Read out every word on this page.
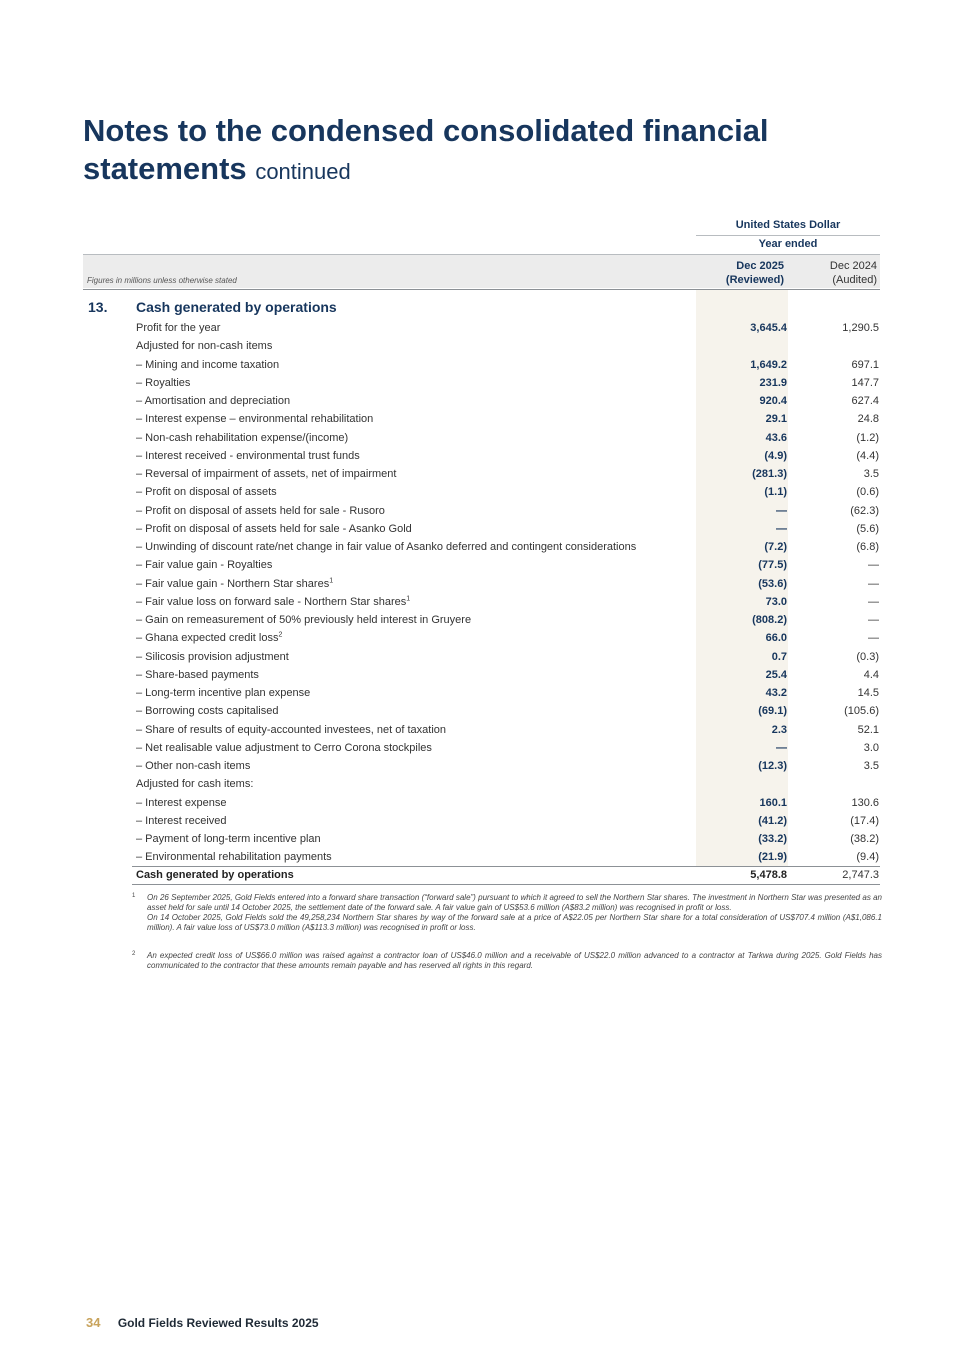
Notes to the condensed consolidated financial statements continued
United States Dollar
Year ended
Figures in millions unless otherwise stated
Dec 2025
(Reviewed)
Dec 2024
(Audited)
13. Cash generated by operations
Profit for the year	3,645.4	1,290.5
Adjusted for non-cash items
– Mining and income taxation	1,649.2	697.1
– Royalties	231.9	147.7
– Amortisation and depreciation	920.4	627.4
– Interest expense – environmental rehabilitation	29.1	24.8
– Non-cash rehabilitation expense/(income)	43.6	(1.2)
– Interest received - environmental trust funds	(4.9)	(4.4)
– Reversal of impairment of assets, net of impairment	(281.3)	3.5
– Profit on disposal of assets	(1.1)	(0.6)
– Profit on disposal of assets held for sale - Rusoro	—	(62.3)
– Profit on disposal of assets held for sale - Asanko Gold	—	(5.6)
– Unwinding of discount rate/net change in fair value of Asanko deferred and contingent considerations	(7.2)	(6.8)
– Fair value gain - Royalties	(77.5)	—
– Fair value gain - Northern Star shares$^1$	(53.6)	—
– Fair value loss on forward sale - Northern Star shares$^1$	73.0	—
– Gain on remeasurement of 50% previously held interest in Gruyere	(808.2)	—
– Ghana expected credit loss$^2$	66.0	—
– Silicosis provision adjustment	0.7	(0.3)
– Share-based payments	25.4	4.4
– Long-term incentive plan expense	43.2	14.5
– Borrowing costs capitalised	(69.1)	(105.6)
– Share of results of equity-accounted investees, net of taxation	2.3	52.1
– Net realisable value adjustment to Cerro Corona stockpiles	—	3.0
– Other non-cash items	(12.3)	3.5
Adjusted for cash items:
– Interest expense	160.1	130.6
– Interest received	(41.2)	(17.4)
– Payment of long-term incentive plan	(33.2)	(38.2)
– Environmental rehabilitation payments	(21.9)	(9.4)
Cash generated by operations	5,478.8	2,747.3
1 On 26 September 2025, Gold Fields entered into a forward share transaction (“forward sale”) pursuant to which it agreed to sell the Northern Star shares. The investment in Northern Star was presented as an asset held for sale until 14 October 2025, the settlement date of the forward sale. A fair value gain of US$53.6 million (A$83.2 million) was recognised in profit or loss.
On 14 October 2025, Gold Fields sold the 49,258,234 Northern Star shares by way of the forward sale at a price of A$22.05 per Northern Star share for a total consideration of US$707.4 million (A$1,086.1 million). A fair value loss of US$73.0 million (A$113.3 million) was recognised in profit or loss.
2 An expected credit loss of US$66.0 million was raised against a contractor loan of US$46.0 million and a receivable of US$22.0 million advanced to a contractor at Tarkwa during 2025. Gold Fields has communicated to the contractor that these amounts remain payable and has reserved all rights in this regard.
34 Gold Fields Reviewed Results 2025
